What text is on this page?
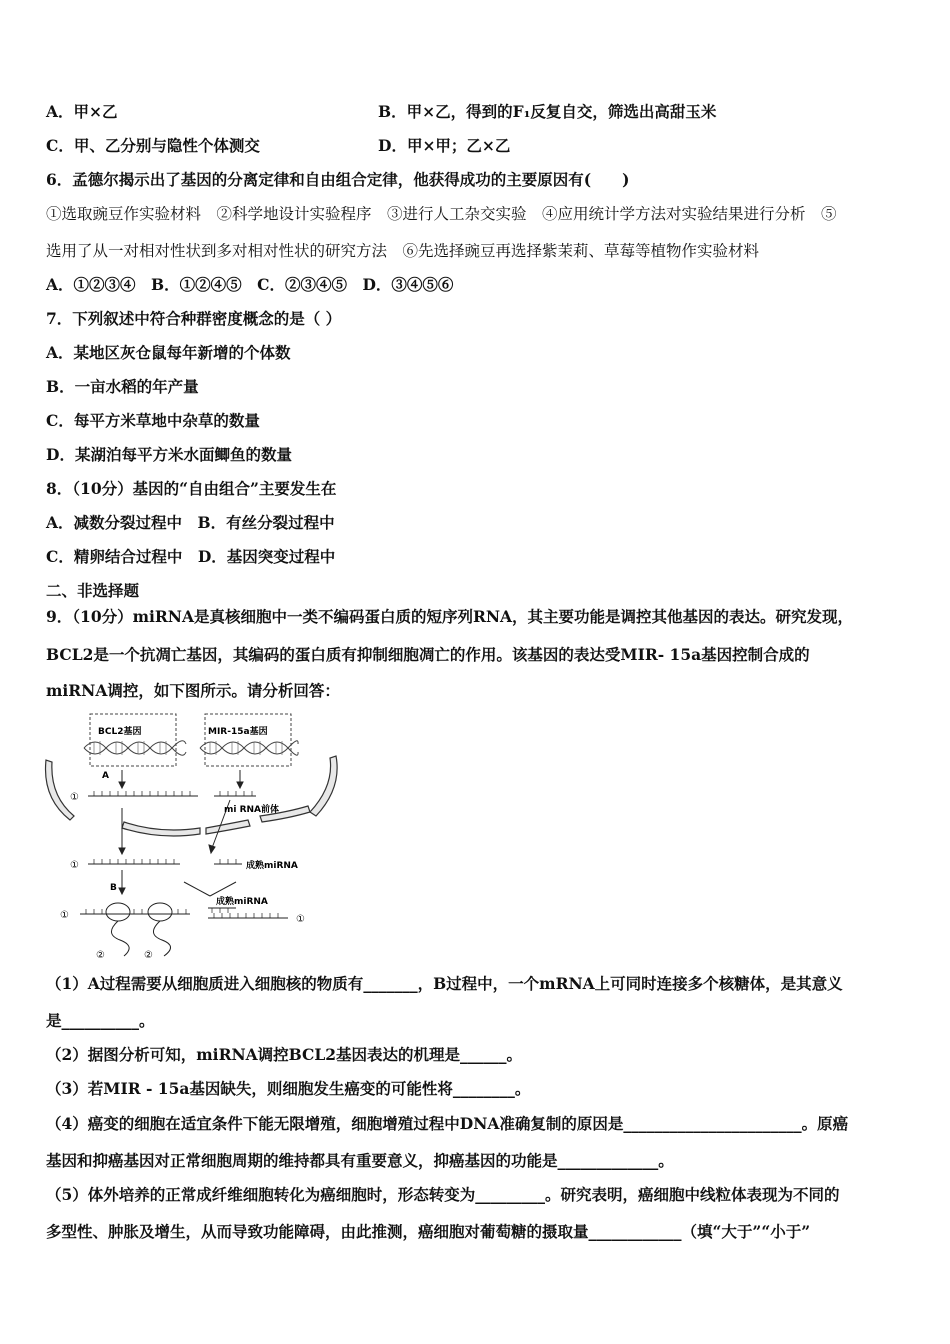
A．甲×乙	B．甲×乙，得到的F₁反复自交，筛选出高甜玉米
C．甲、乙分别与隐性个体测交	D．甲×甲；乙×乙
6．孟德尔揭示出了基因的分离定律和自由组合定律，他获得成功的主要原因有(　　)
①选取豌豆作实验材料　②科学地设计实验程序　③进行人工杂交实验　④应用统计学方法对实验结果进行分析　⑤
选用了从一对相对性状到多对相对性状的研究方法　⑥先选择豌豆再选择紫茉莉、草莓等植物作实验材料
A．①②③④　B．①②④⑤　C．②③④⑤　D．③④⑤⑥
7．下列叙述中符合种群密度概念的是（ ）
A．某地区灰仓鼠每年新增的个体数
B．一亩水稻的年产量
C．每平方米草地中杂草的数量
D．某湖泊每平方米水面鲫鱼的数量
8．（10分）基因的“自由组合”主要发生在
A．减数分裂过程中　B．有丝分裂过程中
C．精卵结合过程中　D．基因突变过程中
二、非选择题
9．（10分）miRNA是真核细胞中一类不编码蛋白质的短序列RNA，其主要功能是调控其他基因的表达。研究发现，
BCL2是一个抗凋亡基因，其编码的蛋白质有抑制细胞凋亡的作用。该基因的表达受MIR- 15a基因控制合成的
miRNA调控，如下图所示。请分析回答：
BCL2基因	MIR-15a基因
A
B
①
①
①	①
②	②
mi RNA前体
成熟miRNA
成熟miRNA
（1）A过程需要从细胞质进入细胞核的物质有_______，B过程中，一个mRNA上可同时连接多个核糖体，是其意义
是__________。
（2）据图分析可知，miRNA调控BCL2基因表达的机理是______。
（3）若MIR - 15a基因缺失，则细胞发生癌变的可能性将________。
（4）癌变的细胞在适宜条件下能无限增殖，细胞增殖过程中DNA准确复制的原因是_______________________。原癌
基因和抑癌基因对正常细胞周期的维持都具有重要意义，抑癌基因的功能是_____________。
（5）体外培养的正常成纤维细胞转化为癌细胞时，形态转变为_________。研究表明，癌细胞中线粒体表现为不同的
多型性、肿胀及增生，从而导致功能障碍，由此推测，癌细胞对葡萄糖的摄取量____________（填“大于”“小于”
